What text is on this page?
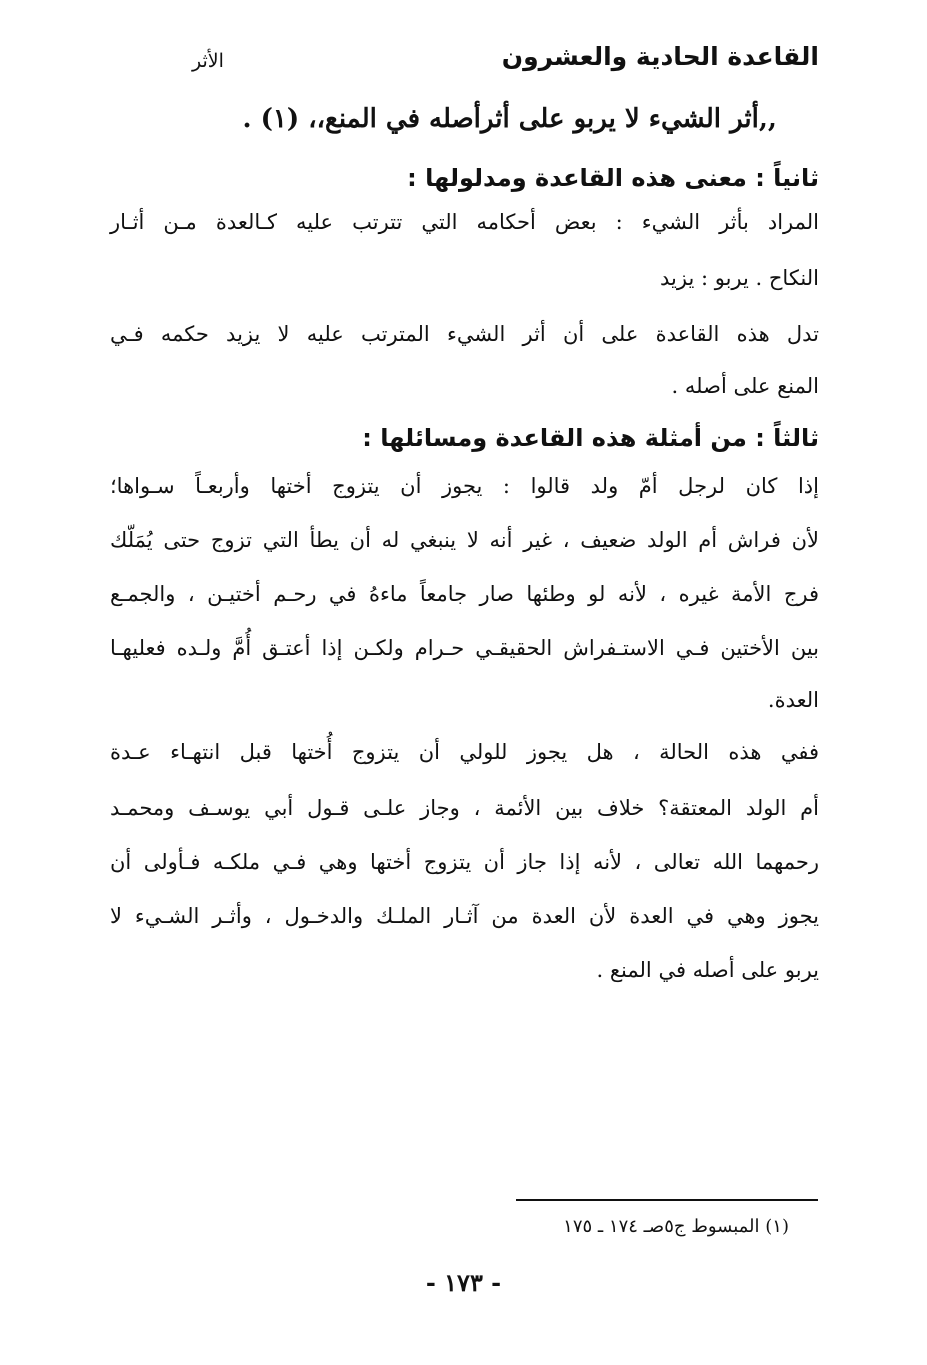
القاعدة الحادية والعشرون
الأثر
,,أثر الشيء لا يربو على أثرأصله في المنع،، (١) .
ثانياً : معنى هذه القاعدة ومدلولها :
المراد بأثر الشيء : بعض أحكامه التي تترتب عليه كـالعدة مـن أثـار
النكاح . يربو : يزيد
تدل هذه القاعدة على أن أثر الشيء المترتب عليه لا يزيد حكمه فـي
المنع على أصله .
ثالثاً : من أمثلة هذه القاعدة ومسائلها :
إذا كان لرجل أمّ ولد قالوا : يجوز أن يتزوج أختها وأربعـاً سـواها؛
لأن فراش أم الولد ضعيف ، غير أنه لا ينبغي له أن يطأ التي تزوج حتى يُمَلّك
فرج الأمة غيره ، لأنه لو وطئها صار جامعاً ماءهُ في رحـم أختيـن ، والجمـع
بين الأختين فـي الاستـفراش الحقيقـي حـرام ولكـن إذا أعتـق أُمَّ ولـده فعليهـا
العدة.
ففي هذه الحالة ، هل يجوز للولي أن يتزوج أُختها قبل انتهـاء عـدة
أم الولد المعتقة؟ خلاف بين الأئمة ، وجاز علـى قـول أبي يوسـف ومحمـد
رحمهما الله تعالى ، لأنه إذا جاز أن يتزوج أختها وهي فـي ملكـه فـأولى أن
يجوز وهي في العدة لأن العدة من آثـار الملـك والدخـول ، وأثـر الشـيء لا
يربو على أصله في المنع .
(١) المبسوط ج٥صـ ١٧٤ ـ ١٧٥
- ١٧٣ -
